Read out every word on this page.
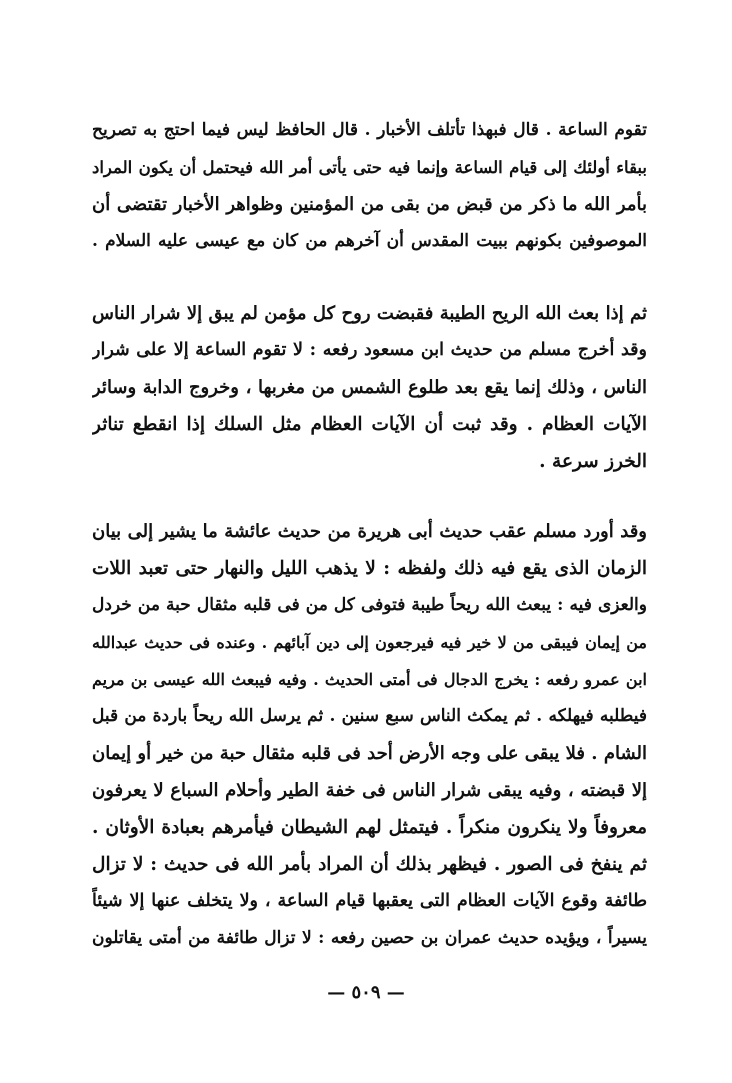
تقوم الساعة . قال فبهذا تأتلف الأخبار . قال الحافظ ليس فيما احتج به تصريح
ببقاء أولئك إلى قيام الساعة وإنما فيه حتى يأتى أمر الله فيحتمل أن يكون المراد
بأمر الله ما ذكر من قبض من بقى من المؤمنين وظواهر الأخبار تقتضى أن
الموصوفين بكونهم ببيت المقدس أن آخرهم من كان مع عيسى عليه السلام .
ثم إذا بعث الله الريح الطيبة فقبضت روح كل مؤمن لم يبق إلا شرار الناس
وقد أخرج مسلم من حديث ابن مسعود رفعه : لا تقوم الساعة إلا على شرار
الناس ، وذلك إنما يقع بعد طلوع الشمس من مغربها ، وخروج الدابة وسائر
الآيات العظام . وقد ثبت أن الآيات العظام مثل السلك إذا انقطع تناثر
الخرز سرعة .
وقد أورد مسلم عقب حديث أبى هريرة من حديث عائشة ما يشير إلى بيان
الزمان الذى يقع فيه ذلك ولفظه : لا يذهب الليل والنهار حتى تعبد اللات
والعزى فيه : يبعث الله ريحاً طيبة فتوفى كل من فى قلبه مثقال حبة من خردل
من إيمان فيبقى من لا خير فيه فيرجعون إلى دين آبائهم . وعنده فى حديث عبدالله
ابن عمرو رفعه : يخرج الدجال فى أمتى الحديث . وفيه فيبعث الله عيسى بن مريم
فيطلبه فيهلكه . ثم يمكث الناس سبع سنين . ثم يرسل الله ريحاً باردة من قبل
الشام . فلا يبقى على وجه الأرض أحد فى قلبه مثقال حبة من خير أو إيمان
إلا قبضته ، وفيه يبقى شرار الناس فى خفة الطير وأحلام السباع لا يعرفون
معروفاً ولا ينكرون منكراً . فيتمثل لهم الشيطان فيأمرهم بعبادة الأوثان .
ثم ينفخ فى الصور . فيظهر بذلك أن المراد بأمر الله فى حديث : لا تزال
طائفة وقوع الآيات العظام التى يعقبها قيام الساعة ، ولا يتخلف عنها إلا شيئاً
يسيراً ، ويؤيده حديث عمران بن حصين رفعه : لا تزال طائفة من أمتى يقاتلون
— ٥٠٩ —
